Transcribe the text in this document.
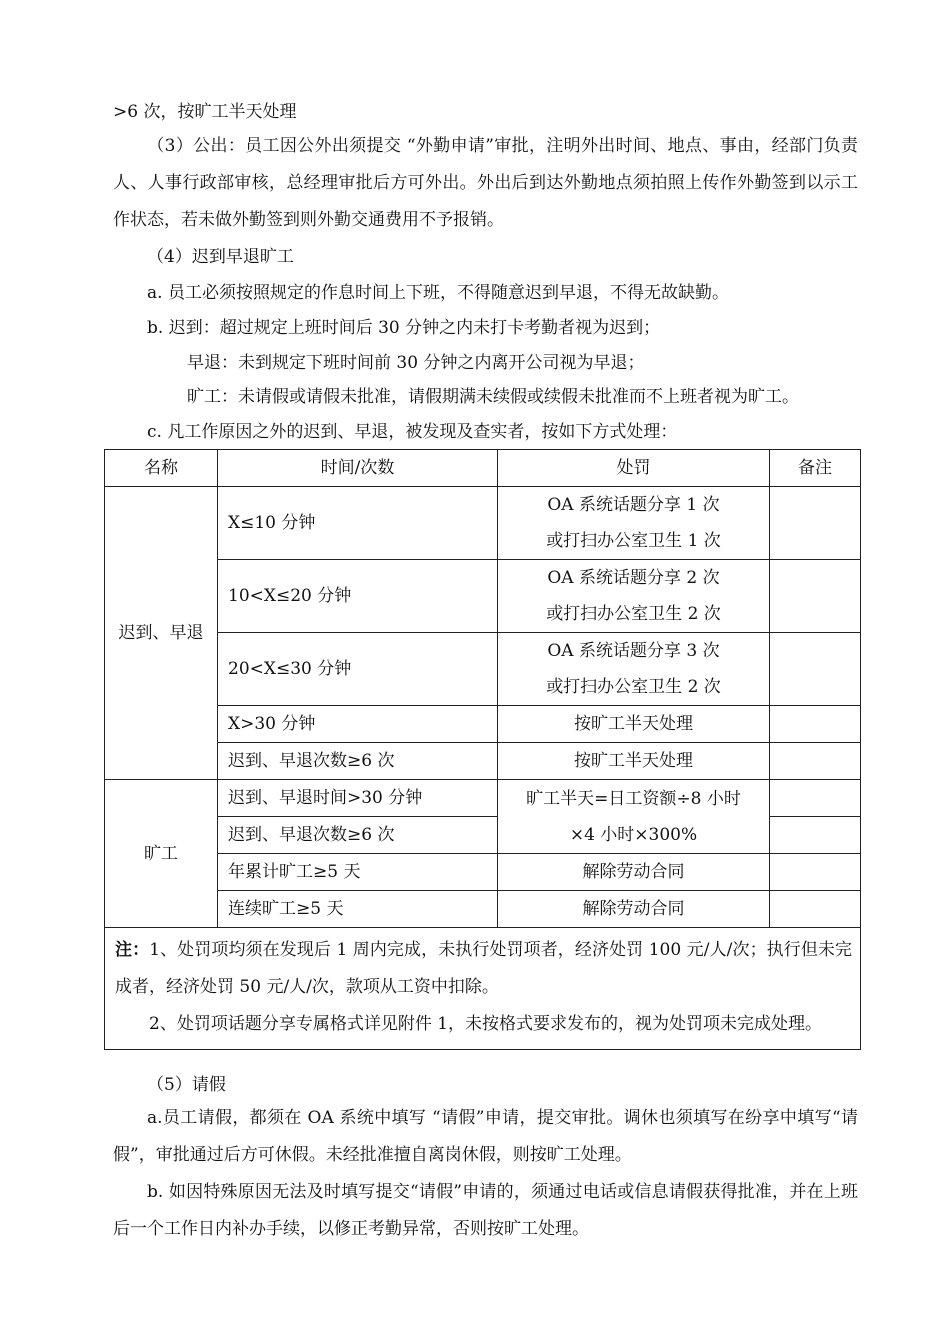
>6 次，按旷工半天处理
（3）公出：员工因公外出须提交 “外勤申请”审批，注明外出时间、地点、事由，经部门负责人、人事行政部审核，总经理审批后方可外出。外出后到达外勤地点须拍照上传作外勤签到以示工作状态，若未做外勤签到则外勤交通费用不予报销。
（4）迟到早退旷工
a. 员工必须按照规定的作息时间上下班，不得随意迟到早退，不得无故缺勤。
b. 迟到：超过规定上班时间后 30 分钟之内未打卡考勤者视为迟到；
早退：未到规定下班时间前 30 分钟之内离开公司视为早退；
旷工：未请假或请假未批准，请假期满未续假或续假未批准而不上班者视为旷工。
c. 凡工作原因之外的迟到、早退，被发现及查实者，按如下方式处理：
名称	时间/次数	处罚	备注
迟到、早退	X≤10 分钟	OA 系统话题分享 1 次
或打扫办公室卫生 1 次	

	10<X≤20 分钟	OA 系统话题分享 2 次
或打扫办公室卫生 2 次	

	20<X≤30 分钟	OA 系统话题分享 3 次
或打扫办公室卫生 2 次	

	X>30 分钟	按旷工半天处理	
	迟到、早退次数≥6 次	按旷工半天处理	
旷工	迟到、早退时间>30 分钟	旷工半天=日工资额÷8 小时
×4 小时×300%	

	迟到、早退次数≥6 次		
	年累计旷工≥5 天	解除劳动合同	
	连续旷工≥5 天	解除劳动合同	

注：1、处罚项均须在发现后 1 周内完成，未执行处罚项者，经济处罚 100 元/人/次；执行但未完成者，经济处罚 50 元/人/次，款项从工资中扣除。
2、处罚项话题分享专属格式详见附件 1，未按格式要求发布的，视为处罚项未完成处理。			
（5）请假
a.员工请假，都须在 OA 系统中填写 “请假”申请，提交审批。调休也须填写在纷享中填写“请假”，审批通过后方可休假。未经批准擅自离岗休假，则按旷工处理。
b. 如因特殊原因无法及时填写提交“请假”申请的，须通过电话或信息请假获得批准，并在上班后一个工作日内补办手续，以修正考勤异常，否则按旷工处理。
